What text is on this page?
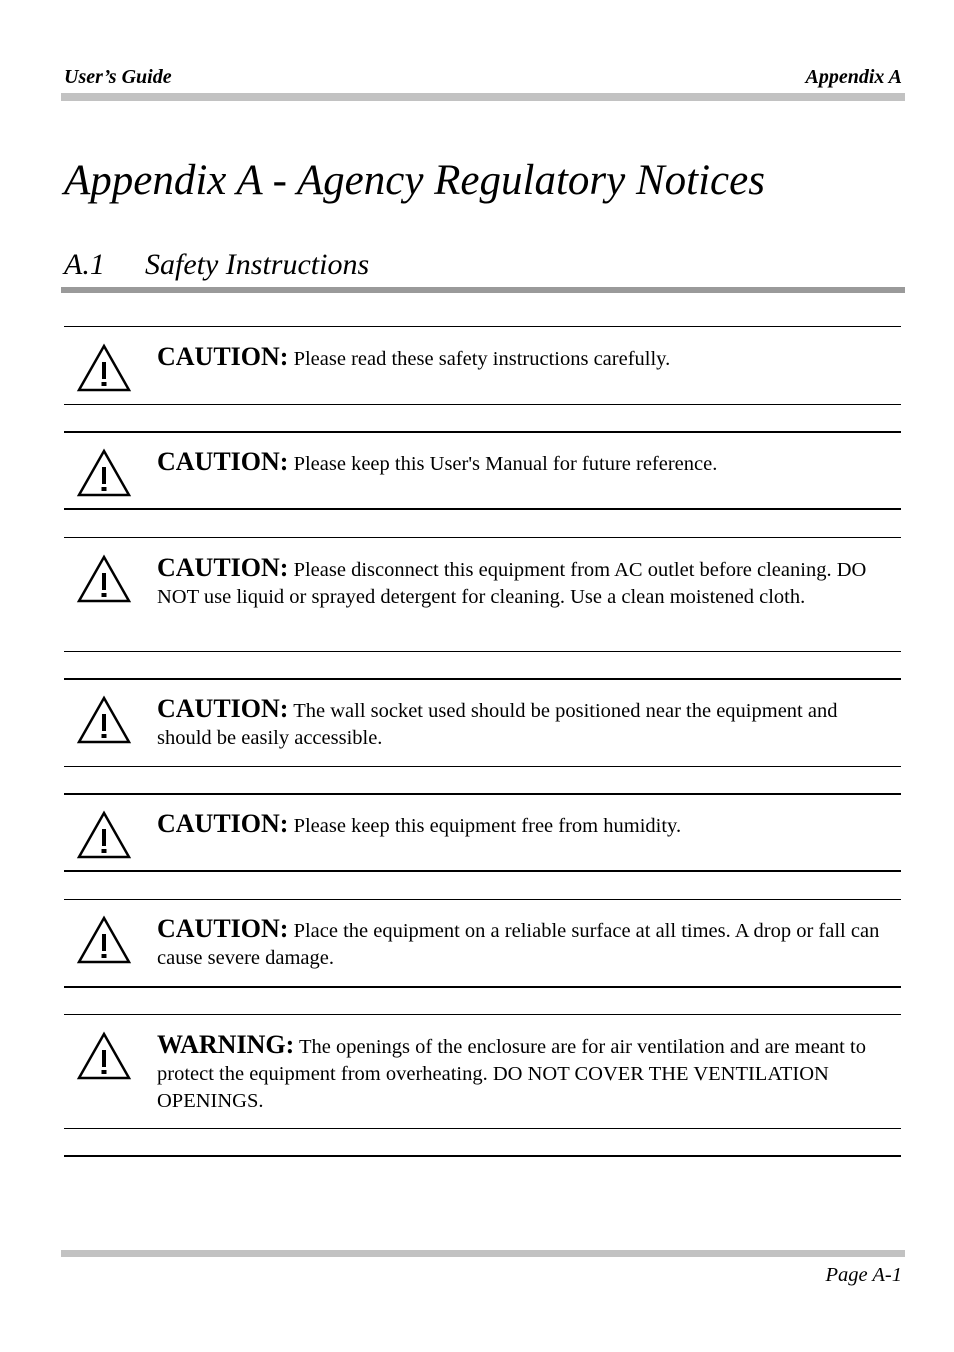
User’s Guide	Appendix A
Appendix A - Agency Regulatory Notices
A.1 Safety Instructions
CAUTION: Please read these safety instructions carefully.
CAUTION: Please keep this User's Manual for future reference.
CAUTION: Please disconnect this equipment from AC outlet before cleaning. DO NOT use liquid or sprayed detergent for cleaning. Use a clean moistened cloth.
CAUTION: The wall socket used should be positioned near the equipment and should be easily accessible.
CAUTION: Please keep this equipment free from humidity.
CAUTION: Place the equipment on a reliable surface at all times. A drop or fall can cause severe damage.
WARNING: The openings of the enclosure are for air ventilation and are meant to protect the equipment from overheating. DO NOT COVER THE VENTILATION OPENINGS.
Page A-1
